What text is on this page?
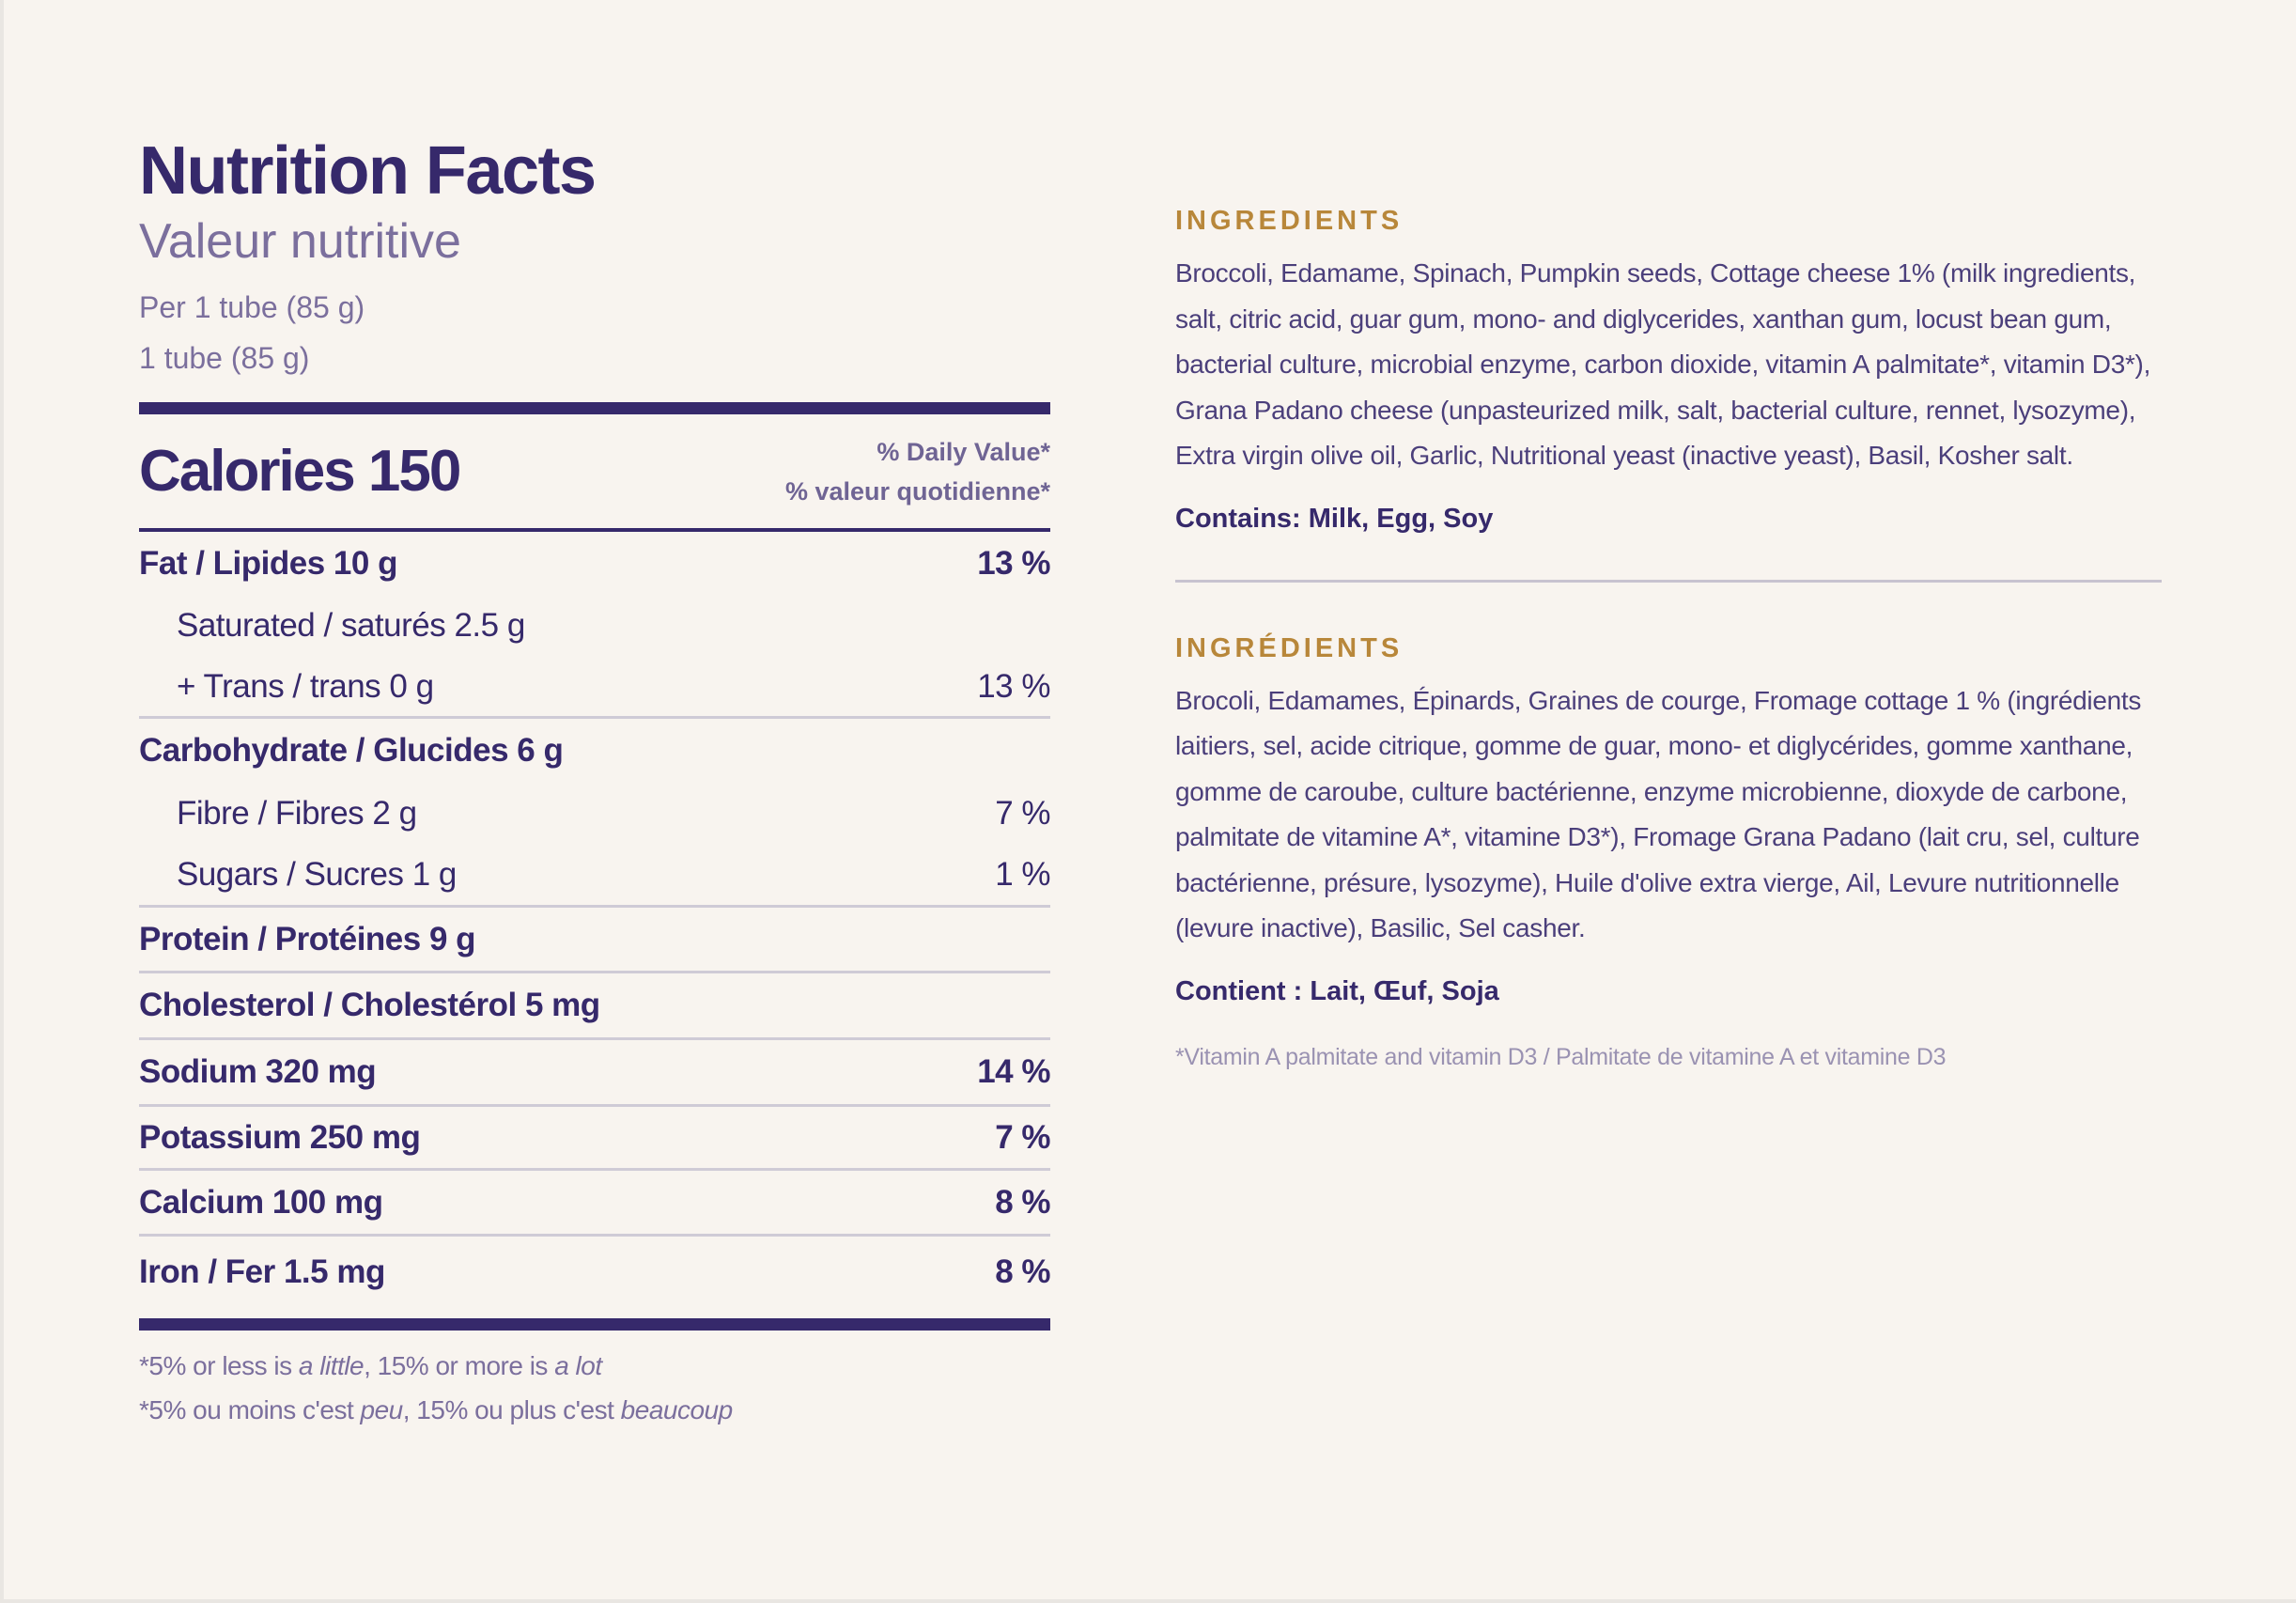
Nutrition Facts
Valeur nutritive
Per 1 tube (85 g)
1 tube (85 g)
Calories 150	% Daily Value*
% valeur quotidienne*
Fat / Lipides 10 g	13 %
Saturated / saturés 2.5 g
+ Trans / trans 0 g	13 %
Carbohydrate / Glucides 6 g
Fibre / Fibres 2 g	7 %
Sugars / Sucres 1 g	1 %
Protein / Protéines 9 g
Cholesterol / Cholestérol 5 mg
Sodium 320 mg	14 %
Potassium 250 mg	7 %
Calcium 100 mg	8 %
Iron / Fer 1.5 mg	8 %
*5% or less is a little, 15% or more is a lot
*5% ou moins c'est peu, 15% ou plus c'est beaucoup
INGREDIENTS
Broccoli, Edamame, Spinach, Pumpkin seeds, Cottage cheese 1% (milk ingredients, salt, citric acid, guar gum, mono- and diglycerides, xanthan gum, locust bean gum, bacterial culture, microbial enzyme, carbon dioxide, vitamin A palmitate*, vitamin D3*), Grana Padano cheese (unpasteurized milk, salt, bacterial culture, rennet, lysozyme), Extra virgin olive oil, Garlic, Nutritional yeast (inactive yeast), Basil, Kosher salt.
Contains: Milk, Egg, Soy
INGRÉDIENTS
Brocoli, Edamames, Épinards, Graines de courge, Fromage cottage 1 % (ingrédients laitiers, sel, acide citrique, gomme de guar, mono- et diglycérides, gomme xanthane, gomme de caroube, culture bactérienne, enzyme microbienne, dioxyde de carbone, palmitate de vitamine A*, vitamine D3*), Fromage Grana Padano (lait cru, sel, culture bactérienne, présure, lysozyme), Huile d'olive extra vierge, Ail, Levure nutritionnelle (levure inactive), Basilic, Sel casher.
Contient : Lait, Œuf, Soja
*Vitamin A palmitate and vitamin D3 / Palmitate de vitamine A et vitamine D3
